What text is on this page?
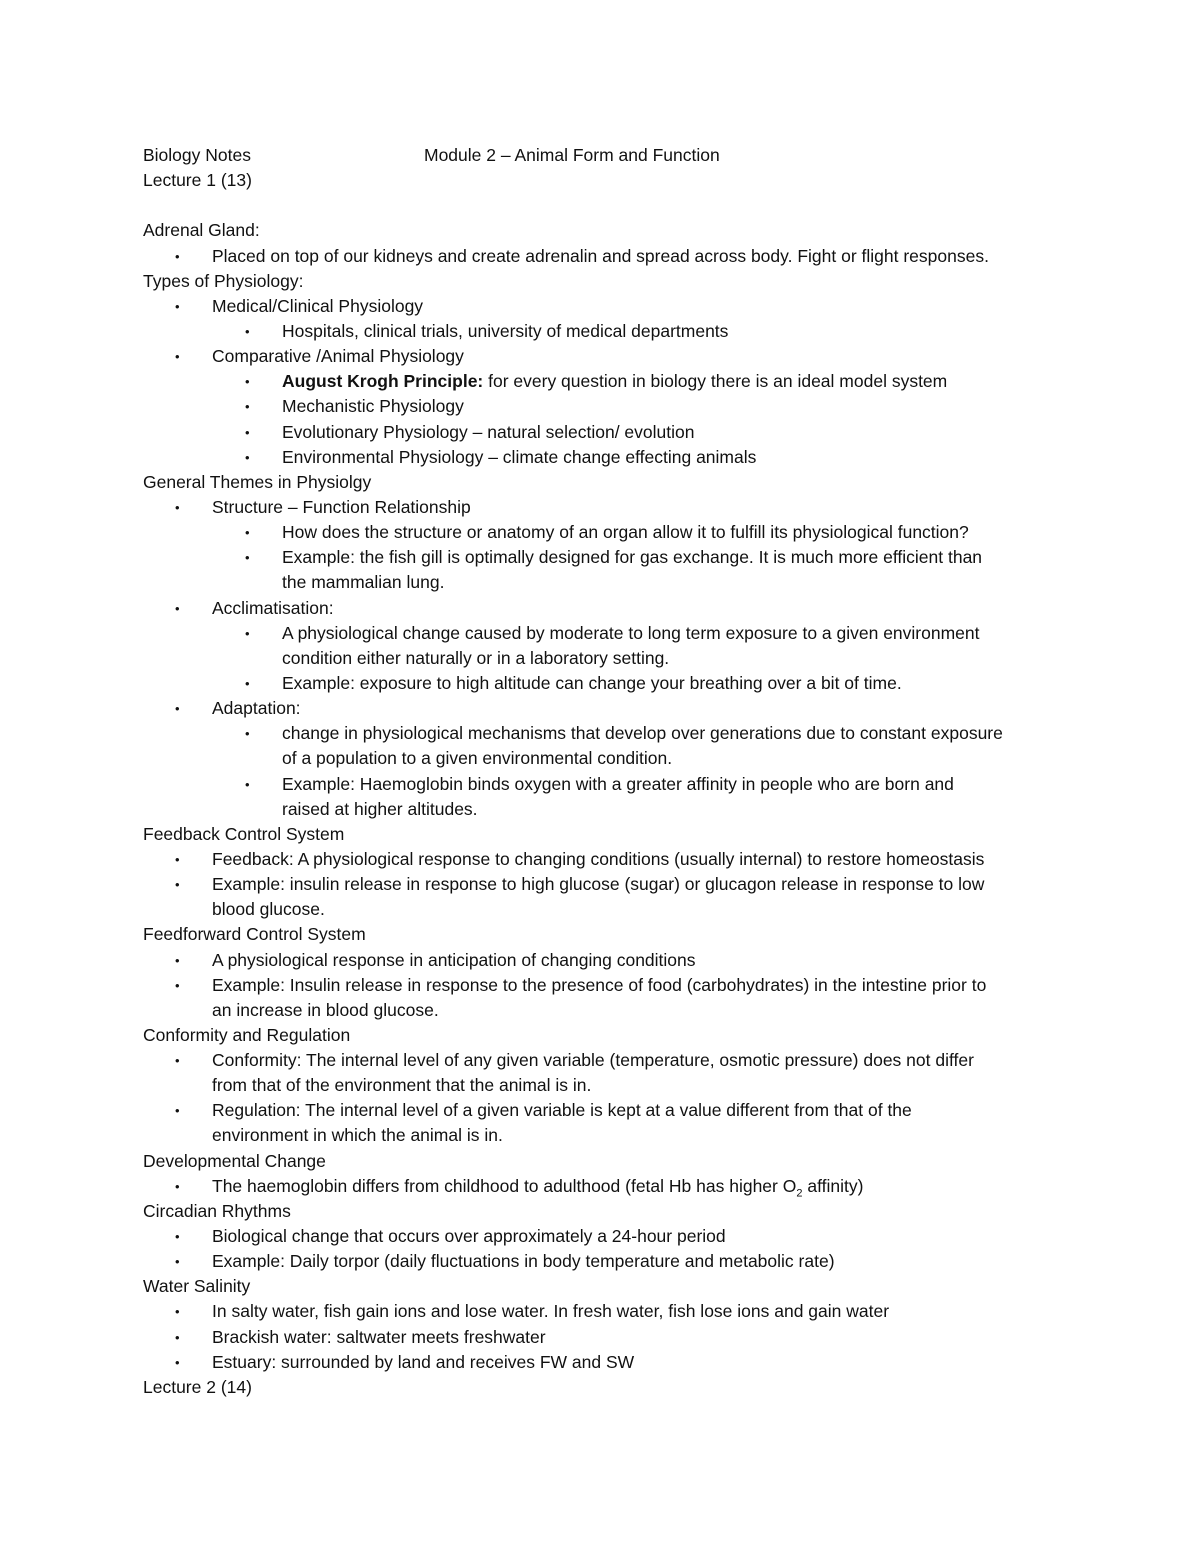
Biology Notes	Module 2 – Animal Form and Function
Lecture 1 (13)
Adrenal Gland:
• Placed on top of our kidneys and create adrenalin and spread across body. Fight or flight responses.
Types of Physiology:
• Medical/Clinical Physiology
• Hospitals, clinical trials, university of medical departments
• Comparative /Animal Physiology
• August Krogh Principle: for every question in biology there is an ideal model system
• Mechanistic Physiology
• Evolutionary Physiology – natural selection/ evolution
• Environmental Physiology – climate change effecting animals
General Themes in Physiolgy
• Structure – Function Relationship
• How does the structure or anatomy of an organ allow it to fulfill its physiological function?
• Example: the fish gill is optimally designed for gas exchange. It is much more efficient than
the mammalian lung.
• Acclimatisation:
• A physiological change caused by moderate to long term exposure to a given environment
condition either naturally or in a laboratory setting.
• Example: exposure to high altitude can change your breathing over a bit of time.
• Adaptation:
• change in physiological mechanisms that develop over generations due to constant exposure
of a population to a given environmental condition.
• Example: Haemoglobin binds oxygen with a greater affinity in people who are born and
raised at higher altitudes.
Feedback Control System
• Feedback: A physiological response to changing conditions (usually internal) to restore homeostasis
• Example: insulin release in response to high glucose (sugar) or glucagon release in response to low
blood glucose.
Feedforward Control System
• A physiological response in anticipation of changing conditions
• Example: Insulin release in response to the presence of food (carbohydrates) in the intestine prior to
an increase in blood glucose.
Conformity and Regulation
• Conformity: The internal level of any given variable (temperature, osmotic pressure) does not differ
from that of the environment that the animal is in.
• Regulation: The internal level of a given variable is kept at a value different from that of the
environment in which the animal is in.
Developmental Change
• The haemoglobin differs from childhood to adulthood (fetal Hb has higher $O_2$ affinity)
Circadian Rhythms
• Biological change that occurs over approximately a 24-hour period
• Example: Daily torpor (daily fluctuations in body temperature and metabolic rate)
Water Salinity
• In salty water, fish gain ions and lose water. In fresh water, fish lose ions and gain water
• Brackish water: saltwater meets freshwater
• Estuary: surrounded by land and receives FW and SW
Lecture 2 (14)
